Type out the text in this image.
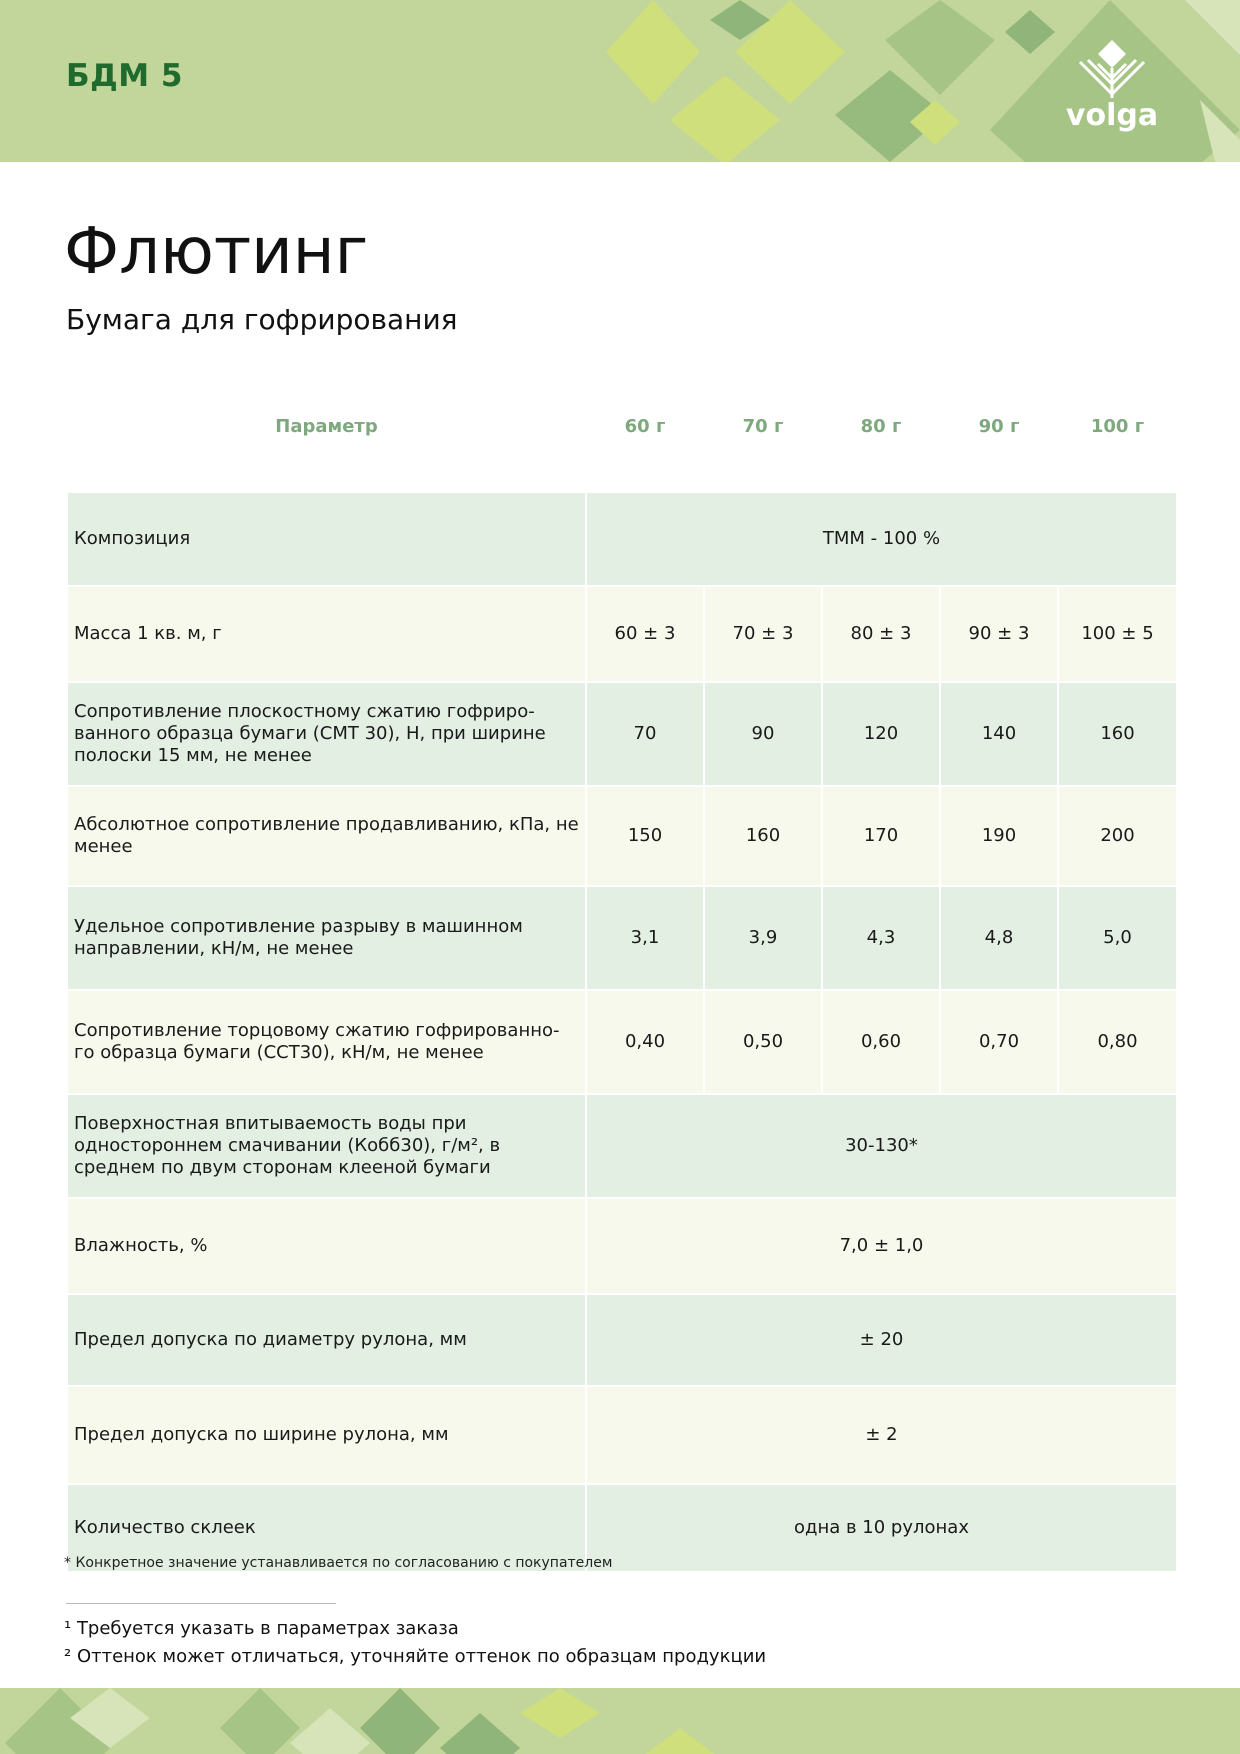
БДМ 5
volga
Флютинг
Бумага для гофрирования
Параметр	60 г	70 г	80 г	90 г	100 г

Композиция	ТММ - 100 %				
Масса 1 кв. м, г	60 ± 3	70 ± 3	80 ± 3	90 ± 3	100 ± 5
Сопротивление плоскостному сжатию гофриро-ванного образца бумаги (CMT 30), Н, при ширине полоски 15 мм, не менее	70	90	120	140	160
Абсолютное сопротивление продавливанию, кПа, не менее	150	160	170	190	200
Удельное сопротивление разрыву в машинном направлении, кН/м, не менее	3,1	3,9	4,3	4,8	5,0
Сопротивление торцовому сжатию гофрированно-го образца бумаги (ССТ30), кН/м, не менее	0,40	0,50	0,60	0,70	0,80
Поверхностная впитываемость воды при одностороннем смачивании (Кобб30), г/м², в среднем по двум сторонам клееной бумаги	30-130*				
Влажность, %	7,0 ± 1,0				
Предел допуска по диаметру рулона, мм	± 20				
Предел допуска по ширине рулона, мм	± 2				
Количество склеек	одна в 10 рулонах				

* Конкретное значение устанавливается по согласованию с покупателем

¹ Требуется указать в параметрах заказа

² Оттенок может отличаться, уточняйте оттенок по образцам продукции
